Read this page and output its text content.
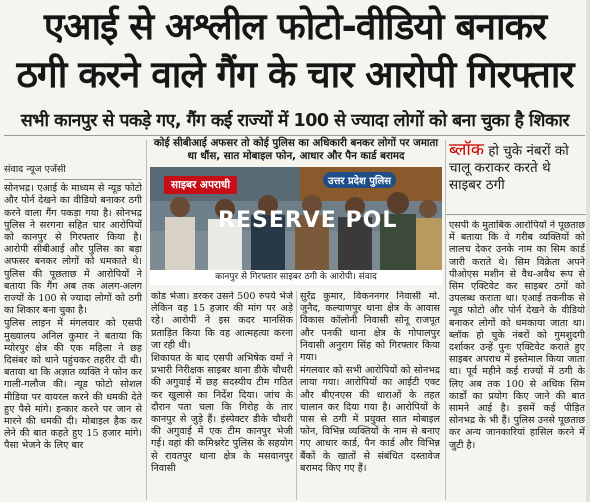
एआई से अश्लील फोटो-वीडियो बनाकर
ठगी करने वाले गैंग के चार आरोपी गिरफ्तार
सभी कानपुर से पकड़े गए, गैंग कई राज्यों में 100 से ज्यादा लोगों को बना चुका है शिकार
संवाद न्यूज एजेंसी

सोनभद्र। एआई के माध्यम से न्यूड फोटो और पोर्न देखने का वीडियो बनाकर ठगी करने वाला गैंग पकड़ा गया है। सोनभद्र पुलिस ने सरगना सहित चार आरोपियों को कानपुर से गिरफ्तार किया है। आरोपी सीबीआई और पुलिस का बड़ा अफसर बनकर लोगों को धमकाते थे। पुलिस की पूछताछ में आरोपियों ने बताया कि गैंग अब तक अलग-अलग राज्यों के 100 से ज्यादा लोगों को ठगी का शिकार बना चुका है।

पुलिस लाइन में मंगलवार को एसपी मुख्यालय अनिल कुमार ने बताया कि म्योरपुर क्षेत्र की एक महिला ने छह दिसंबर को थाने पहुंचकर तहरीर दी थी। बताया था कि अज्ञात व्यक्ति ने फोन कर गाली-गलौज की। न्यूड फोटो सोशल मीडिया पर वायरल करने की धमकी देते हुए पैसे मांगे। इन्कार करने पर जान से मारने की धमकी दी। मोबाइल हैक कर लेने की बात कहते हुए 15 हजार मांगे। पैसा भेजने के लिए बार

कोई सीबीआई अफसर तो कोई पुलिस का अधिकारी बनकर लोगों पर जमाता था धौंस, सात मोबाइल फोन, आधार और पैन कार्ड बरामद
साइबर अपराधी
RESERVE POL
उत्तर प्रदेश पुलिस
कानपुर से गिरफ्तार साइबर ठगी के आरोपी। संवाद

कोड भेजा। डरकर उसने 500 रुपये भेजे लेकिन वह 15 हजार की मांग पर अड़े रहे। आरोपी ने इस कदर मानसिक प्रताड़ित किया कि वह आत्महत्या करना जा रही थी।

शिकायत के बाद एसपी अभिषेक वर्मा ने प्रभारी निरीक्षक साइबर थाना डीके चौधरी की अगुवाई में छह सदस्यीय टीम गठित कर खुलासे का निर्देश दिया। जांच के दौरान पता चला कि गिरोह के तार कानपुर से जुड़े हैं। इंस्पेक्टर डीके चौधरी की अगुवाई में एक टीम कानपुर भेजी गई। वहां की कमिश्नरेट पुलिस के सहयोग से रावतपुर थाना क्षेत्र के मसवानपुर निवासी

सुरेंद्र कुमार, विकननगर निवासी मो. जुनैद, कल्याणपुर थाना क्षेत्र के आवास विकास कॉलोनी निवासी सोनू राजपूत और पनकी थाना क्षेत्र के गोपालपुर निवासी अनुराग सिंह को गिरफ्तार किया गया।

मंगलवार को सभी आरोपियों को सोनभद्र लाया गया। आरोपियों का आईटी एक्ट और बीएनएस की धाराओं के तहत चालान कर दिया गया है। आरोपियों के पास से ठगी में प्रयुक्त सात मोबाइल फोन, विभिन्न व्यक्तियों के नाम से बनाए गए आधार कार्ड, पैन कार्ड और विभिन्न बैंकों के खातों से संबंधित दस्तावेज बरामद किए गए हैं।

ब्लॉक हो चुके नंबरों को चालू कराकर करते थे साइबर ठगी

एसपी के मुताबिक आरोपियों ने पूछताछ में बताया कि वे गरीब व्यक्तियों को लालच देकर उनके नाम का सिम कार्ड जारी कराते थे। सिम विक्रेता अपने पीओएस मशीन से वैध-अवैध रूप से सिम एक्टिवेट कर साइबर ठगों को उपलब्ध कराता था। एआई तकनीक से न्यूड फोटो और पोर्न देखने के वीडियो बनाकर लोगों को धमकाया जाता था। ब्लॉक हो चुके नंबरों को गुमशुदगी दर्शाकर उन्हें पुनः एक्टिवेट कराते हुए साइबर अपराध में इस्तेमाल किया जाता था। पूर्व महीने कई राज्यों में ठगी के लिए अब तक 100 से अधिक सिम कार्डों का प्रयोग किए जाने की बात सामने आई है। इसमें कई पीड़ित सोनभद्र के भी हैं। पुलिस उनसे पूछताछ कर अन्य जानकारियां हासिल करने में जुटी है।
